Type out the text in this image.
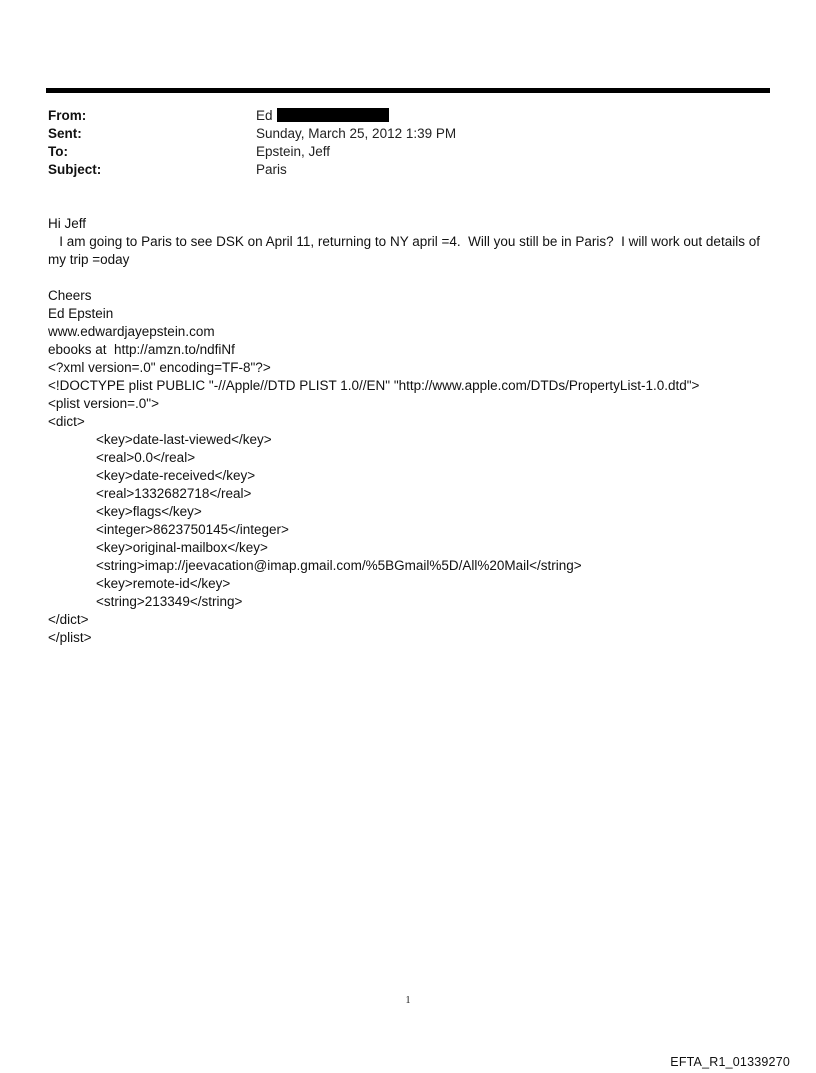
From:	Ed
Sent:	Sunday, March 25, 2012 1:39 PM
To:	Epstein, Jeff
Subject:	Paris

Hi Jeff

I am going to Paris to see DSK on April 11, returning to NY april =4.  Will you still be in Paris?  I will work out details of my trip =oday

Cheers

Ed Epstein

www.edwardjayepstein.com

ebooks at  http://amzn.to/ndfiNf

<?xml version=.0" encoding=TF-8"?>

<!DOCTYPE plist PUBLIC "-//Apple//DTD PLIST 1.0//EN" "http://www.apple.com/DTDs/PropertyList-1.0.dtd">

<plist version=.0">

<dict>

<key>date-last-viewed</key>

<real>0.0</real>

<key>date-received</key>

<real>1332682718</real>

<key>flags</key>

<integer>8623750145</integer>

<key>original-mailbox</key>

<string>imap://jeevacation@imap.gmail.com/%5BGmail%5D/All%20Mail</string>

<key>remote-id</key>

<string>213349</string>

</dict>

</plist>

1
EFTA_R1_01339270
